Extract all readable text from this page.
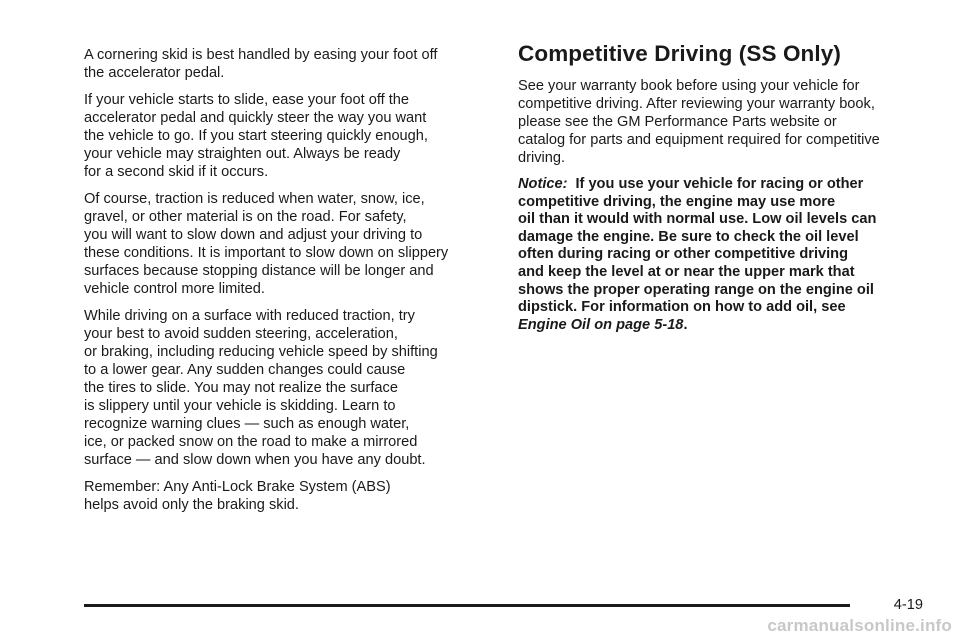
A cornering skid is best handled by easing your foot off
the accelerator pedal.

If your vehicle starts to slide, ease your foot off the
accelerator pedal and quickly steer the way you want
the vehicle to go. If you start steering quickly enough,
your vehicle may straighten out. Always be ready
for a second skid if it occurs.

Of course, traction is reduced when water, snow, ice,
gravel, or other material is on the road. For safety,
you will want to slow down and adjust your driving to
these conditions. It is important to slow down on slippery
surfaces because stopping distance will be longer and
vehicle control more limited.

While driving on a surface with reduced traction, try
your best to avoid sudden steering, acceleration,
or braking, including reducing vehicle speed by shifting
to a lower gear. Any sudden changes could cause
the tires to slide. You may not realize the surface
is slippery until your vehicle is skidding. Learn to
recognize warning clues — such as enough water,
ice, or packed snow on the road to make a mirrored
surface — and slow down when you have any doubt.

Remember: Any Anti-Lock Brake System (ABS)
helps avoid only the braking skid.

Competitive Driving (SS Only)

See your warranty book before using your vehicle for
competitive driving. After reviewing your warranty book,
please see the GM Performance Parts website or
catalog for parts and equipment required for competitive
driving.

Notice: If you use your vehicle for racing or other
competitive driving, the engine may use more
oil than it would with normal use. Low oil levels can
damage the engine. Be sure to check the oil level
often during racing or other competitive driving
and keep the level at or near the upper mark that
shows the proper operating range on the engine oil
dipstick. For information on how to add oil, see
Engine Oil on page 5-18.

4-19
carmanualsonline.info
